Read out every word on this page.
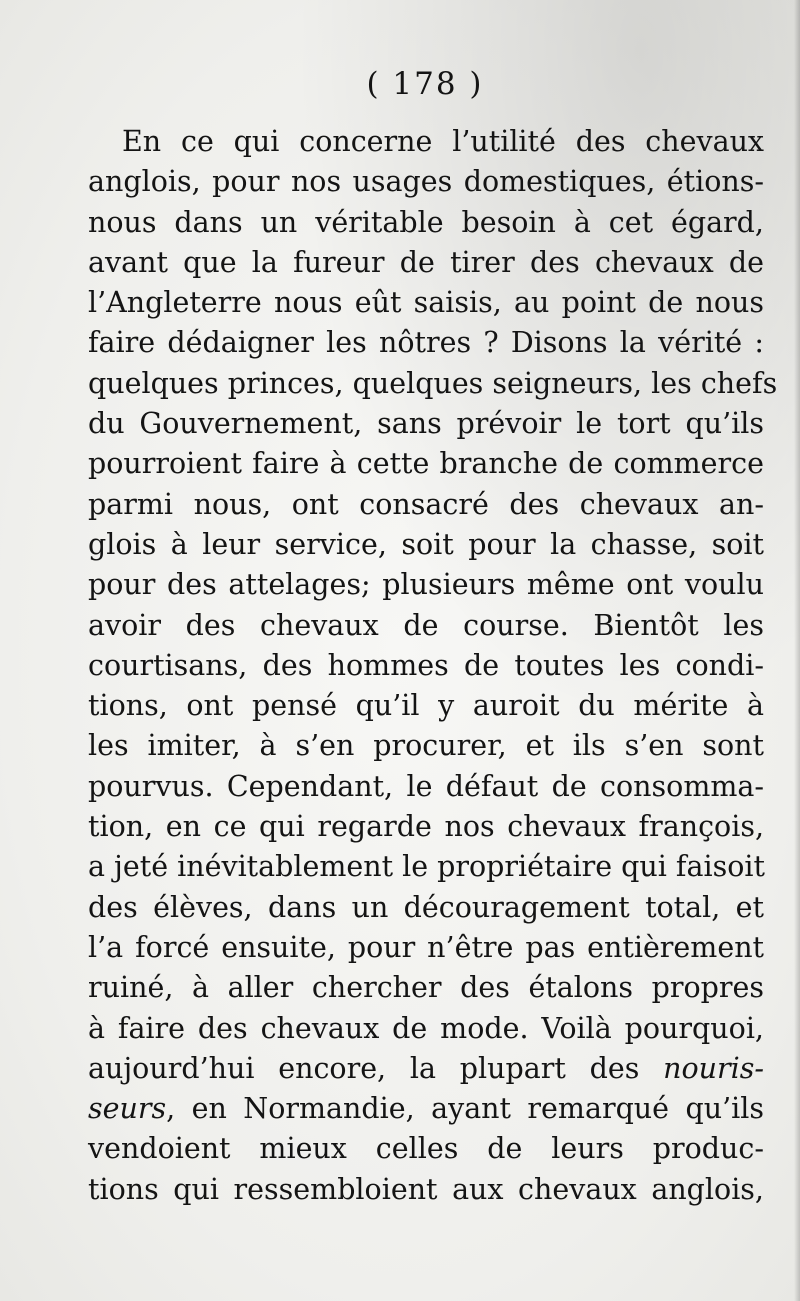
( 178 )
En ce qui concerne l’utilité des chevaux
anglois, pour nos usages domestiques, étions-
nous dans un véritable besoin à cet égard,
avant que la fureur de tirer des chevaux de
l’Angleterre nous eût saisis, au point de nous
faire dédaigner les nôtres ? Disons la vérité :
quelques princes, quelques seigneurs, les chefs
du Gouvernement, sans prévoir le tort qu’ils
pourroient faire à cette branche de commerce
parmi nous, ont consacré des chevaux an-
glois à leur service, soit pour la chasse, soit
pour des attelages; plusieurs même ont voulu
avoir des chevaux de course. Bientôt les
courtisans, des hommes de toutes les condi-
tions, ont pensé qu’il y auroit du mérite à
les imiter, à s’en procurer, et ils s’en sont
pourvus. Cependant, le défaut de consomma-
tion, en ce qui regarde nos chevaux françois,
a jeté inévitablement le propriétaire qui faisoit
des élèves, dans un découragement total, et
l’a forcé ensuite, pour n’être pas entièrement
ruiné, à aller chercher des étalons propres
à faire des chevaux de mode. Voilà pourquoi,
aujourd’hui encore, la plupart des nouris-
seurs, en Normandie, ayant remarqué qu’ils
vendoient mieux celles de leurs produc-
tions qui ressembloient aux chevaux anglois,
